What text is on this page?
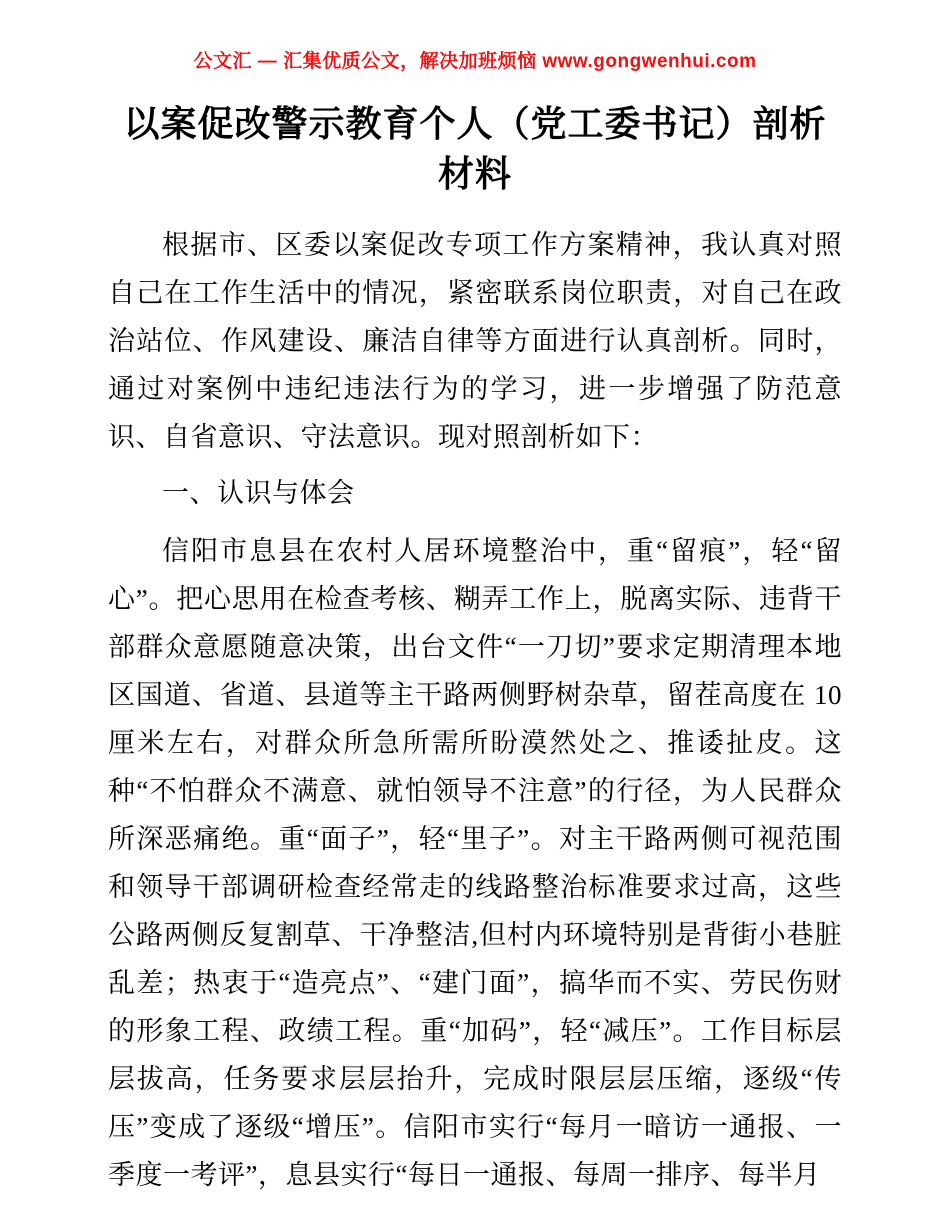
公文汇 — 汇集优质公文，解决加班烦恼 www.gongwenhui.com
以案促改警示教育个人（党工委书记）剖析材料

根据市、区委以案促改专项工作方案精神，我认真对照自己在工作生活中的情况，紧密联系岗位职责，对自己在政治站位、作风建设、廉洁自律等方面进行认真剖析。同时，通过对案例中违纪违法行为的学习，进一步增强了防范意识、自省意识、守法意识。现对照剖析如下：

一、认识与体会

信阳市息县在农村人居环境整治中，重“留痕”，轻“留心”。把心思用在检查考核、糊弄工作上，脱离实际、违背干部群众意愿随意决策，出台文件“一刀切”要求定期清理本地区国道、省道、县道等主干路两侧野树杂草，留茬高度在 10 厘米左右，对群众所急所需所盼漠然处之、推诿扯皮。这种“不怕群众不满意、就怕领导不注意”的行径，为人民群众所深恶痛绝。重“面子”，轻“里子”。对主干路两侧可视范围和领导干部调研检查经常走的线路整治标准要求过高，这些公路两侧反复割草、干净整洁,但村内环境特别是背街小巷脏乱差；热衷于“造亮点”、“建门面”，搞华而不实、劳民伤财的形象工程、政绩工程。重“加码”，轻“减压”。工作目标层层拔高，任务要求层层抬升，完成时限层层压缩，逐级“传压”变成了逐级“增压”。信阳市实行“每月一暗访一通报、一季度一考评”，息县实行“每日一通报、每周一排序、每半月
